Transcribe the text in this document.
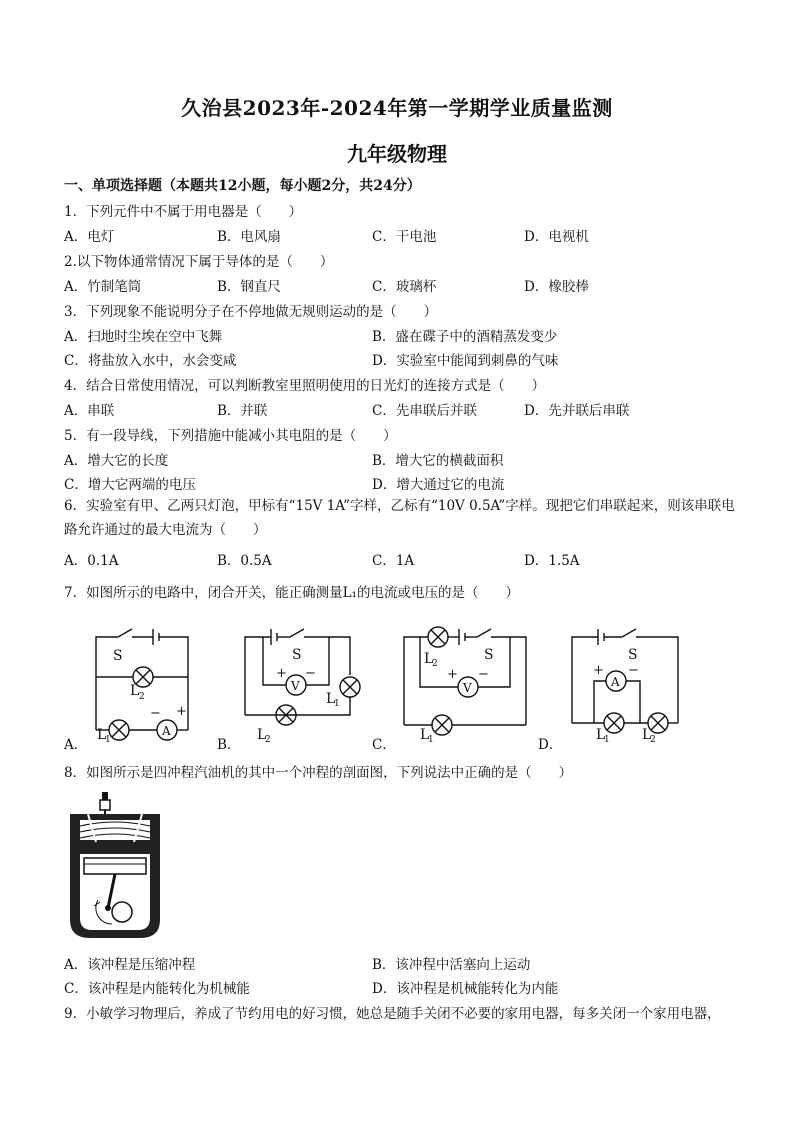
久治县2023年-2024年第一学期学业质量监测
九年级物理
一、单项选择题（本题共12小题，每小题2分，共24分）
1．下列元件中不属于用电器是（　　）
A．电灯	B．电风扇	C．干电池	D．电视机
2.以下物体通常情况下属于导体的是（　　）
A．竹制笔筒	B．钢直尺	C．玻璃杯	D．橡胶棒
3．下列现象不能说明分子在不停地做无规则运动的是（　　）
A．扫地时尘埃在空中飞舞	B．盛在碟子中的酒精蒸发变少
C．将盐放入水中，水会变咸	D．实验室中能闻到刺鼻的气味
4．结合日常使用情况，可以判断教室里照明使用的日光灯的连接方式是（　　）
A．串联	B．并联	C．先串联后并联	D．先并联后串联
5．有一段导线，下列措施中能减小其电阻的是（　　）
A．增大它的长度	B．增大它的横截面积
C．增大它两端的电压	D．增大通过它的电流
6．实验室有甲、乙两只灯泡，甲标有“15V 1A”字样，乙标有“10V 0.5A”字样。现把它们串联起来，则该串联电路允许通过的最大电流为（　　）
A．0.1A	B．0.5A	C．1A	D．1.5A
7．如图所示的电路中，闭合开关，能正确测量L₁的电流或电压的是（　　）
S
L 2
A
− +
L
1
S
V
+ −
L
1
L
2
L
2
S
V
+ −
L
1
S
A
+ −
L
1 L
2
A．	B．	C．	D．
8．如图所示是四冲程汽油机的其中一个冲程的剖面图，下列说法中正确的是（　　）
A．该冲程是压缩冲程	B．该冲程中活塞向上运动
C．该冲程是内能转化为机械能	D．该冲程是机械能转化为内能
9．小敏学习物理后，养成了节约用电的好习惯，她总是随手关闭不必要的家用电器，每多关闭一个家用电器，
